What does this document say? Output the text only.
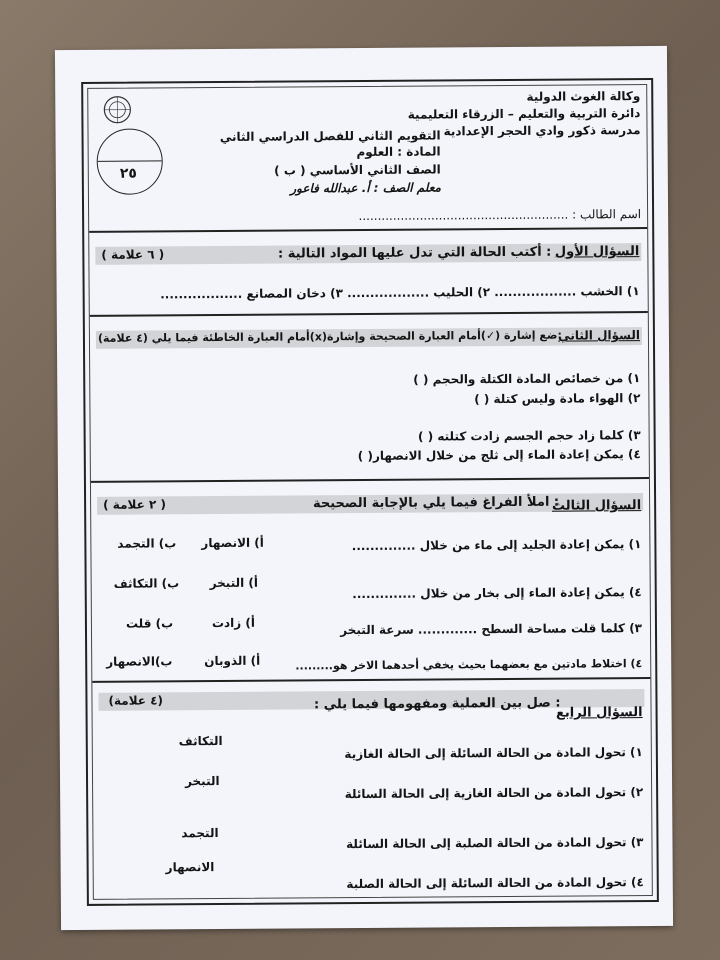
٢٥
وكالة الغوث الدولية
دائرة التربية والتعليم – الزرقاء التعليمية
مدرسة ذكور وادي الحجر الإعدادية
التقويم الثاني للفصل الدراسي الثاني
المادة : العلوم
الصف الثاني الأساسي ( ب )
معلم الصف : أ. عبدالله فاعور
اسم الطالب : .......................................................
السؤال الأول
: أكتب الحالة التي تدل عليها المواد التالية :
( ٦ علامة )
١) الخشب .................. ٢) الحليب .................. ٣) دخان المصانع ..................
السؤال الثاني
:ضع إشارة (✓)أمام العبارة الصحيحة وإشارة(x)أمام العبارة الخاطئة فيما يلي
(٤ علامة)
١) من خصائص المادة الكتلة والحجم ( )
٢) الهواء مادة وليس كتلة ( )
٣) كلما زاد حجم الجسم زادت كتلته ( )
٤) يمكن إعادة الماء إلى ثلج من خلال الانصهار( )
السؤال الثالث
: املأ الفراغ فيما يلي بالإجابة الصحيحة
( ٢ علامة )
١) يمكن إعادة الجليد إلى ماء من خلال ..............
أ) الانصهار
ب) التجمد
٤) يمكن إعادة الماء إلى بخار من خلال ..............
أ) التبخر
ب) التكاثف
٣) كلما قلت مساحة السطح ............. سرعة التبخر
أ) زادت
ب) قلت
٤) اختلاط مادتين مع بعضهما بحيث يخفي أحدهما الاخر هو.........
أ) الذوبان
ب)الانصهار
السؤال الرابع
: صل بين العملية ومفهومها فيما يلي :
(٤ علامة)
١) تحول المادة من الحالة السائلة إلى الحالة الغازية
٢) تحول المادة من الحالة الغازية إلى الحالة السائلة
٣) تحول المادة من الحالة الصلبة إلى الحالة السائلة
٤) تحول المادة من الحالة السائلة إلى الحالة الصلبة
التكاثف
التبخر
التجمد
الانصهار
